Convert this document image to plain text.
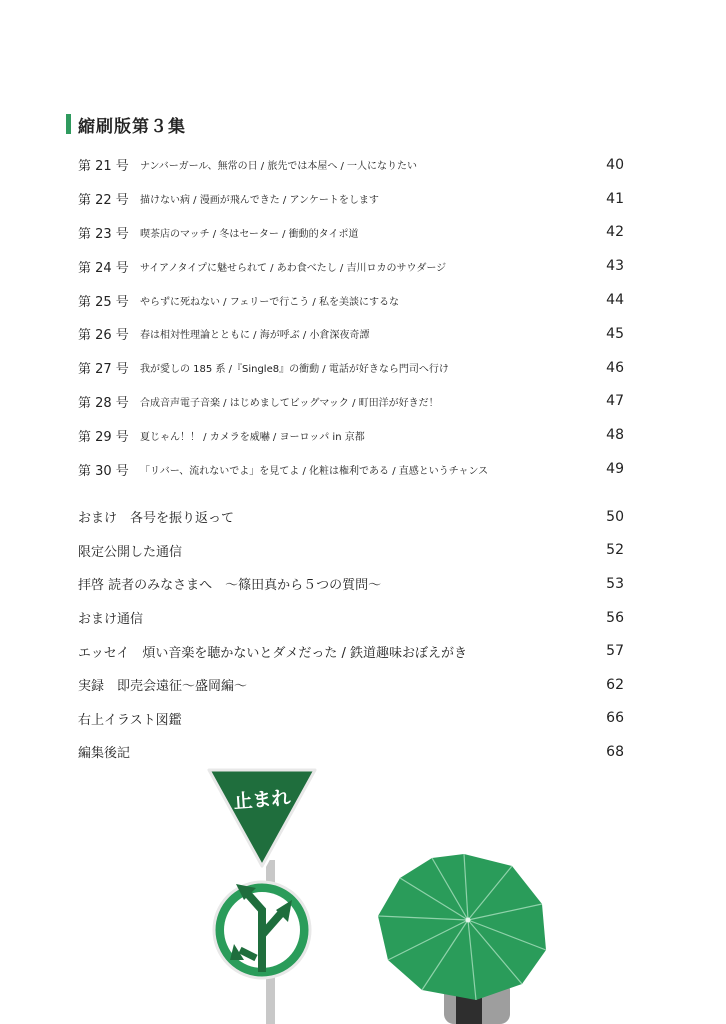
縮刷版第３集
第 21 号	ナンバーガール、無常の日 / 旅先では本屋へ / 一人になりたい	40
第 22 号	描けない病 / 漫画が飛んできた / アンケートをします	41
第 23 号	喫茶店のマッチ / 冬はセーター / 衝動的タイポ道	42
第 24 号	サイアノタイプに魅せられて / あわ食べたし / 吉川ロカのサウダージ	43
第 25 号	やらずに死ねない / フェリーで行こう / 私を美談にするな	44
第 26 号	春は相対性理論とともに / 海が呼ぶ / 小倉深夜奇譚	45
第 27 号	我が愛しの 185 系 /『Single8』の衝動 / 電話が好きなら門司へ行け	46
第 28 号	合成音声電子音楽 / はじめましてビッグマック / 町田洋が好きだ！	47
第 29 号	夏じゃん！！ / カメラを威嚇 / ヨーロッパ in 京都	48
第 30 号	「リバー、流れないでよ」を見てよ / 化粧は権利である / 直感というチャンス	49
おまけ　各号を振り返って	50
限定公開した通信	52
拝啓 読者のみなさまへ　～篠田真から５つの質問～	53
おまけ通信	56
エッセイ　煩い音楽を聴かないとダメだった / 鉄道趣味おぼえがき	57
実録　即売会遠征～盛岡編～	62
右上イラスト図鑑	66
編集後記	68
止まれ
